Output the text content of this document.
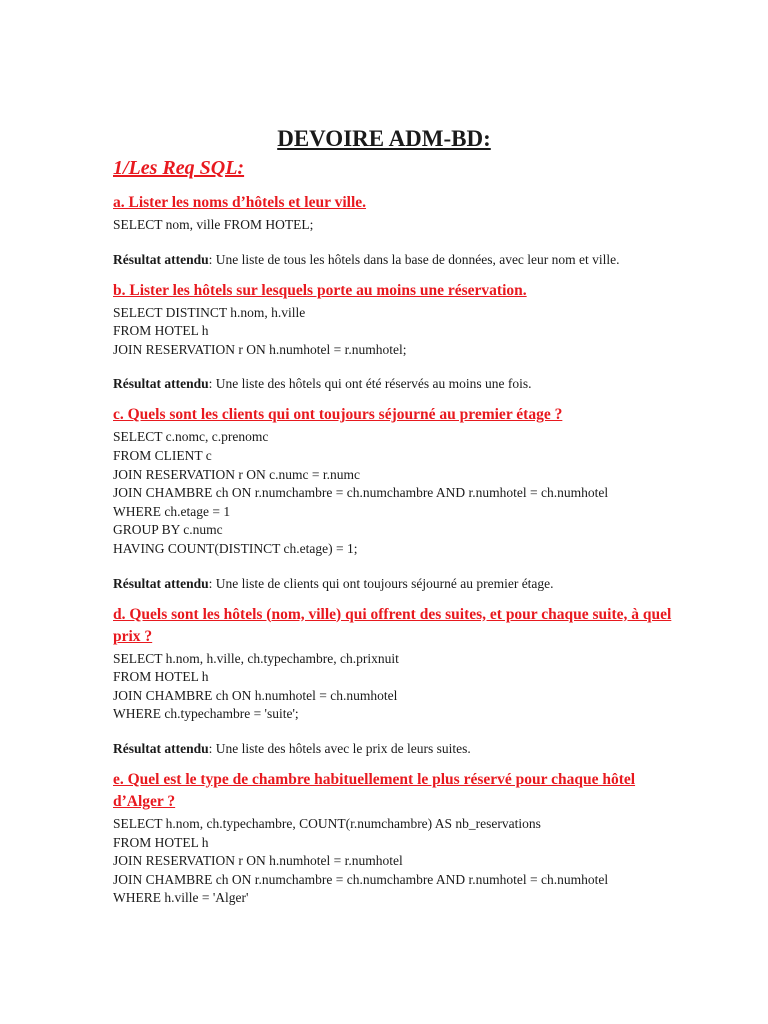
DEVOIRE ADM-BD:
1/Les Req SQL:

a. Lister les noms d’hôtels et leur ville.

SELECT nom, ville FROM HOTEL;

Résultat attendu: Une liste de tous les hôtels dans la base de données, avec leur nom et ville.

b. Lister les hôtels sur lesquels porte au moins une réservation.

SELECT DISTINCT h.nom, h.ville
FROM HOTEL h
JOIN RESERVATION r ON h.numhotel = r.numhotel;

Résultat attendu: Une liste des hôtels qui ont été réservés au moins une fois.

c. Quels sont les clients qui ont toujours séjourné au premier étage ?

SELECT c.nomc, c.prenomc
FROM CLIENT c
JOIN RESERVATION r ON c.numc = r.numc
JOIN CHAMBRE ch ON r.numchambre = ch.numchambre AND r.numhotel = ch.numhotel
WHERE ch.etage = 1
GROUP BY c.numc
HAVING COUNT(DISTINCT ch.etage) = 1;

Résultat attendu: Une liste de clients qui ont toujours séjourné au premier étage.

d. Quels sont les hôtels (nom, ville) qui offrent des suites, et pour chaque suite, à quel prix ?

SELECT h.nom, h.ville, ch.typechambre, ch.prixnuit
FROM HOTEL h
JOIN CHAMBRE ch ON h.numhotel = ch.numhotel
WHERE ch.typechambre = 'suite';

Résultat attendu: Une liste des hôtels avec le prix de leurs suites.

e. Quel est le type de chambre habituellement le plus réservé pour chaque hôtel d’Alger ?

SELECT h.nom, ch.typechambre, COUNT(r.numchambre) AS nb_reservations
FROM HOTEL h
JOIN RESERVATION r ON h.numhotel = r.numhotel
JOIN CHAMBRE ch ON r.numchambre = ch.numchambre AND r.numhotel = ch.numhotel
WHERE h.ville = 'Alger'
